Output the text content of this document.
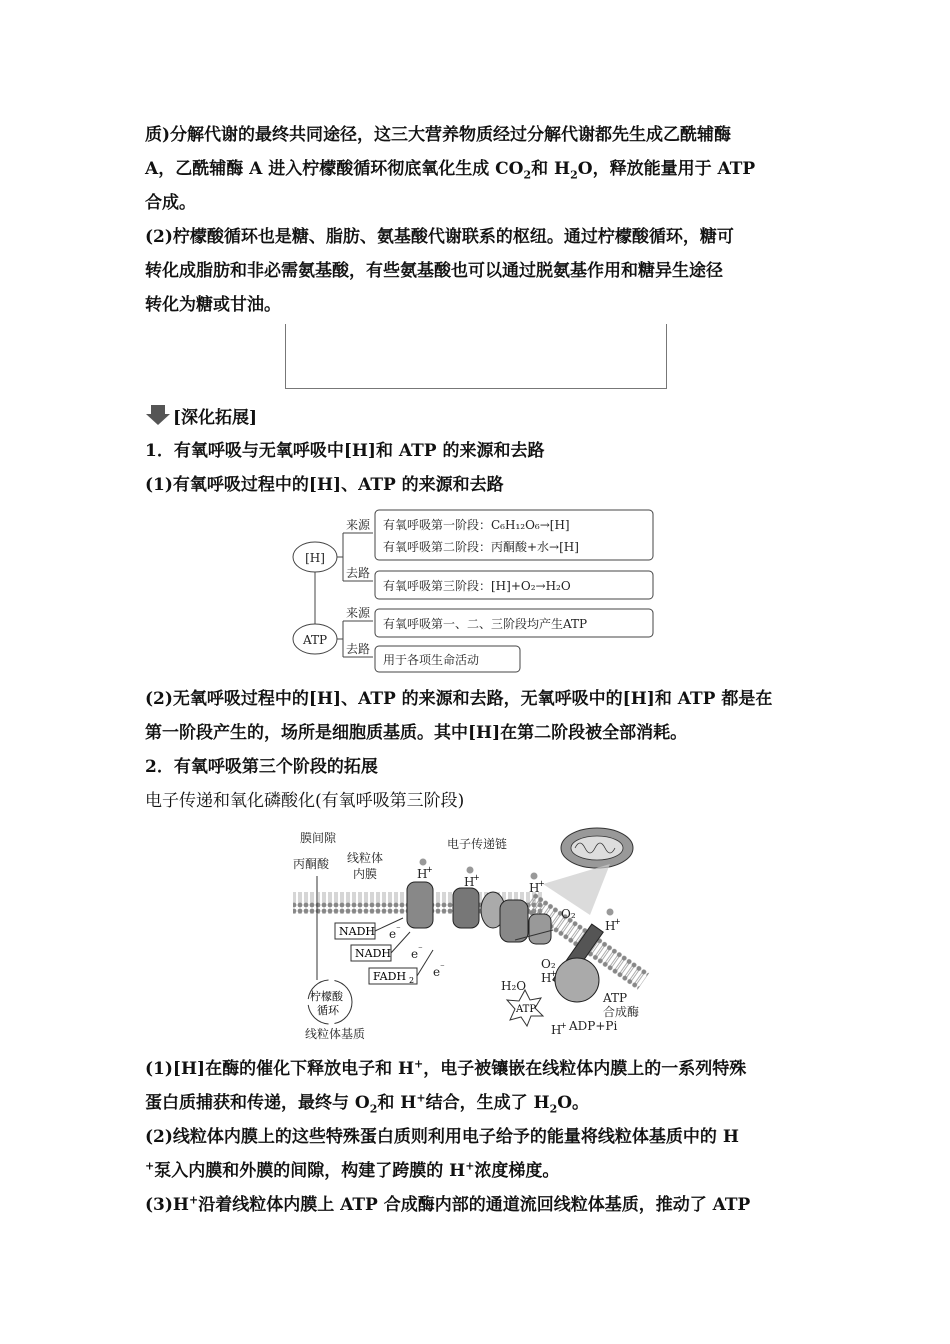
质)分解代谢的最终共同途径，这三大营养物质经过分解代谢都先生成乙酰辅酶
A，乙酰辅酶 A 进入柠檬酸循环彻底氧化生成 $CO_2$和 $H_2O$，释放能量用于 ATP
合成。
(2)柠檬酸循环也是糖、脂肪、氨基酸代谢联系的枢纽。通过柠檬酸循环，糖可
转化成脂肪和非必需氨基酸，有些氨基酸也可以通过脱氨基作用和糖异生途径
转化为糖或甘油。
[深化拓展]
1．有氧呼吸与无氧呼吸中[H]和 ATP 的来源和去路
(1)有氧呼吸过程中的[H]、ATP 的来源和去路
[H]
ATP
来源
去路
来源
去路
有氧呼吸第一阶段：C₆H₁₂O₆→[H]
有氧呼吸第二阶段：丙酮酸+水→[H]
有氧呼吸第三阶段：[H]+O₂→H₂O
有氧呼吸第一、二、三阶段均产生ATP
用于各项生命活动
(2)无氧呼吸过程中的[H]、ATP 的来源和去路，无氧呼吸中的[H]和 ATP 都是在
第一阶段产生的，场所是细胞质基质。其中[H]在第二阶段被全部消耗。
2．有氧呼吸第三个阶段的拓展
电子传递和氧化磷酸化(有氧呼吸第三阶段)
H
+
H
+
H
+
H
+
膜间隙
丙酮酸 线粒体
内膜
电子传递链
O₂
NADH
NADH
FADH 2
e ⁻
e ⁻
e ⁻
柠檬酸
循环
线粒体基质
H₂O
O₂
H
+
ATP
H
+
ATP
合成酶
ADP+Pi
(1)[H]在酶的催化下释放电子和 H+，电子被镶嵌在线粒体内膜上的一系列特殊
蛋白质捕获和传递，最终与 $O_2$和 H+结合，生成了 $H_2O$。
(2)线粒体内膜上的这些特殊蛋白质则利用电子给予的能量将线粒体基质中的 H
+泵入内膜和外膜的间隙，构建了跨膜的 H+浓度梯度。
(3)H+沿着线粒体内膜上 ATP 合成酶内部的通道流回线粒体基质，推动了 ATP
